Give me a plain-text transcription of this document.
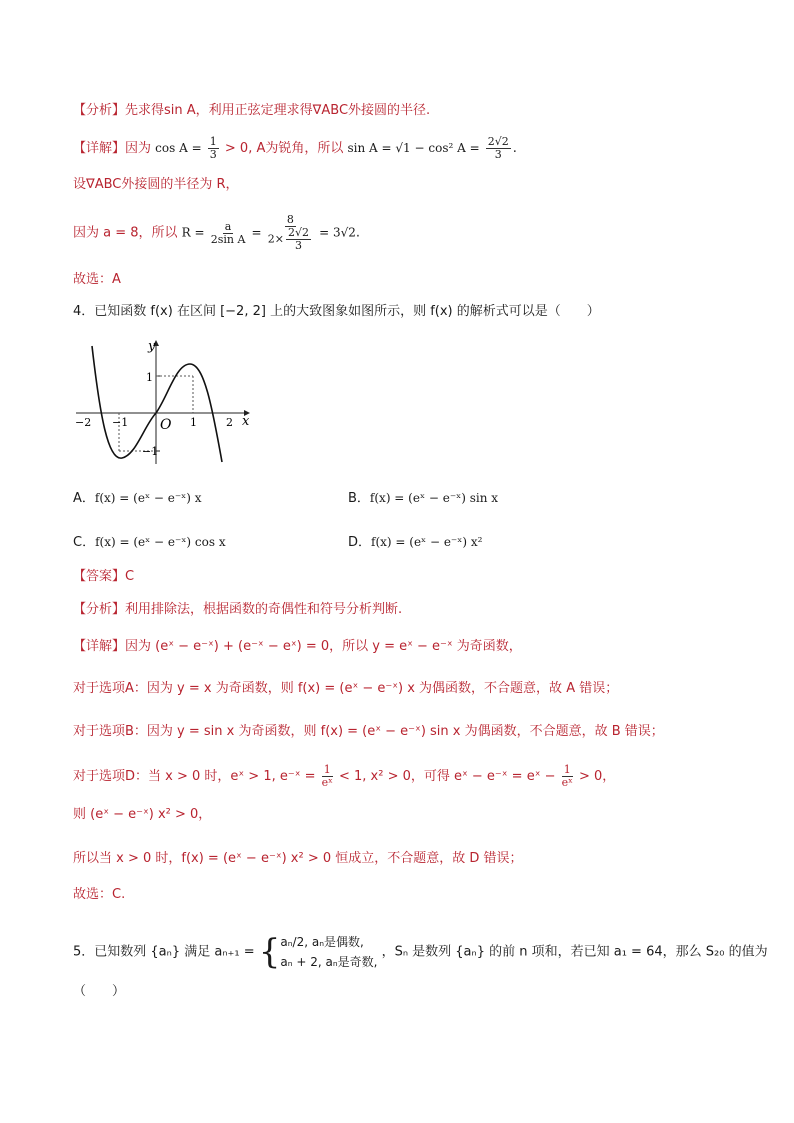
【分析】先求得sin A，利用正弦定理求得∇ABC外接圆的半径.
【详解】因为 $\cos A = \frac{1}{3} > 0$, A为锐角，所以 sin A = √1 − cos² $A = \frac{2√2}{3}$ .
设∇ABC外接圆的半径为 R，
因为 a = 8，所以 $R = \frac{a}{\text{2sin A}} = \frac{8}{2\times \frac{2√2}{3}} = 3√2$.
故选：A
4．已知函数 f(x) 在区间 [−2, 2] 上的大致图象如图所示，则 f(x) 的解析式可以是（　　）
y
x
O
1
−1
−2 −1	1	2
A．f(x) = (eˣ − e⁻ˣ) x	B．f(x) = (eˣ − e⁻ˣ) sin x
C．f(x) = (eˣ − e⁻ˣ) cos x	D．f(x) = (eˣ − e⁻ˣ) x²
【答案】C
【分析】利用排除法，根据函数的奇偶性和符号分析判断.
【详解】因为 (eˣ − e⁻ˣ) + (e⁻ˣ − eˣ) = 0，所以 y = eˣ − e⁻ˣ 为奇函数，
对于选项A：因为 y = x 为奇函数，则 f(x) = (eˣ − e⁻ˣ) x 为偶函数，不合题意，故 A 错误；
对于选项B：因为 y = sin x 为奇函数，则 f(x) = (eˣ − e⁻ˣ) sin x 为偶函数，不合题意，故 B 错误；
对于选项D：当 x > 0 时，eˣ > 1, e⁻ˣ = $\frac{1}{\text{eˣ}} < 1$, x² > 0，可得 eˣ − e⁻ˣ = eˣ − $\frac{1}{\text{eˣ}} > 0$，
则 (eˣ − e⁻ˣ) x² > 0，
所以当 x > 0 时，f(x) = (eˣ − e⁻ˣ) x² > 0 恒成立，不合题意，故 D 错误；
故选：C.
5．已知数列 {aₙ} 满足 aₙ₊₁ = { aₙ/2, aₙ是偶数,
aₙ + 2, aₙ是奇数,
，Sₙ 是数列 {aₙ} 的前 n 项和，若已知 a₁ = 64，那么 S₂₀ 的值为
（　　）
